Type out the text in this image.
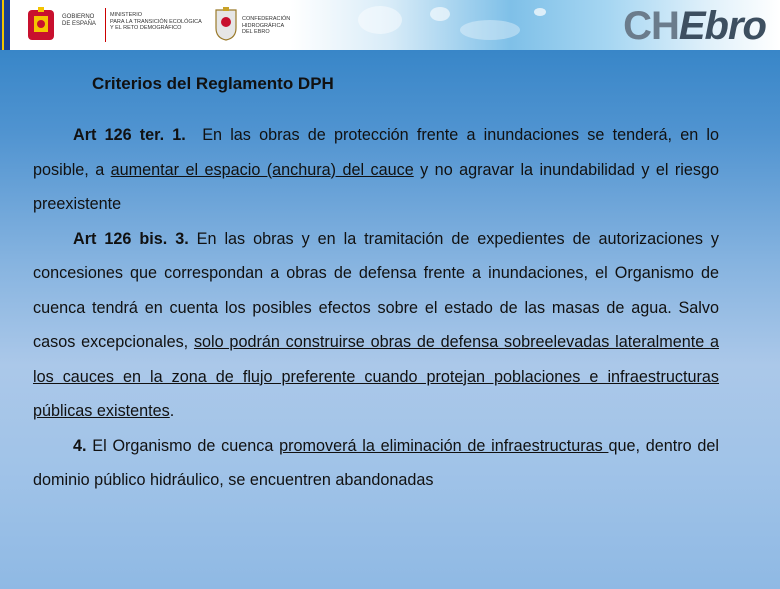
GOBIERNO
DE ESPAÑA
MINISTERIO
PARA LA TRANSICIÓN ECOLÓGICA
Y EL RETO DEMOGRÁFICO
CONFEDERACIÓN
HIDROGRÁFICA
DEL EBRO	CHEbro
Criterios del Reglamento DPH

Art 126 ter. 1. En las obras de protección frente a inundaciones se tenderá, en lo posible, a aumentar el espacio (anchura) del cauce y no agravar la inundabilidad y el riesgo preexistente

Art 126 bis. 3. En las obras y en la tramitación de expedientes de autorizaciones y concesiones que correspondan a obras de defensa frente a inundaciones, el Organismo de cuenca tendrá en cuenta los posibles efectos sobre el estado de las masas de agua. Salvo casos excepcionales, solo podrán construirse obras de defensa sobreelevadas lateralmente a los cauces en la zona de flujo preferente cuando protejan poblaciones e infraestructuras públicas existentes.

4. El Organismo de cuenca promoverá la eliminación de infraestructuras que, dentro del dominio público hidráulico, se encuentren abandonadas
